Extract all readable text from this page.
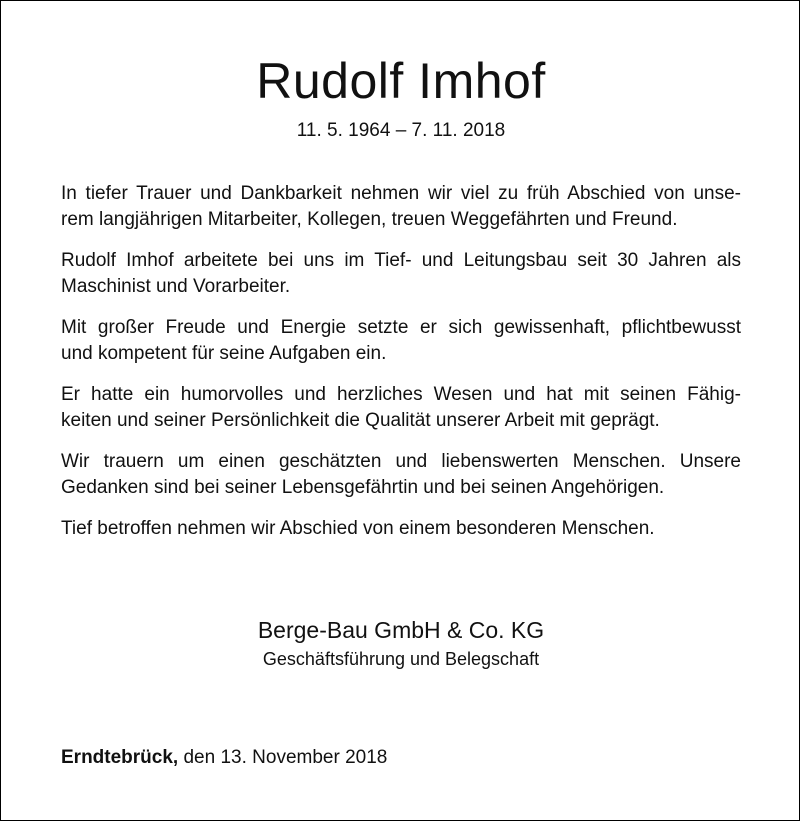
Rudolf Imhof
11. 5. 1964 – 7. 11. 2018

In tiefer Trauer und Dankbarkeit nehmen wir viel zu früh Abschied von unse-
rem langjährigen Mitarbeiter, Kollegen, treuen Weggefährten und Freund.

Rudolf Imhof arbeitete bei uns im Tief- und Leitungsbau seit 30 Jahren als
Maschinist und Vorarbeiter.

Mit großer Freude und Energie setzte er sich gewissenhaft, pflichtbewusst
und kompetent für seine Aufgaben ein.

Er hatte ein humorvolles und herzliches Wesen und hat mit seinen Fähig-
keiten und seiner Persönlichkeit die Qualität unserer Arbeit mit geprägt.

Wir trauern um einen geschätzten und liebenswerten Menschen. Unsere
Gedanken sind bei seiner Lebensgefährtin und bei seinen Angehörigen.

Tief betroffen nehmen wir Abschied von einem besonderen Menschen.

Berge-Bau GmbH & Co. KG
Geschäftsführung und Belegschaft
Erndtebrück, den 13. November 2018
